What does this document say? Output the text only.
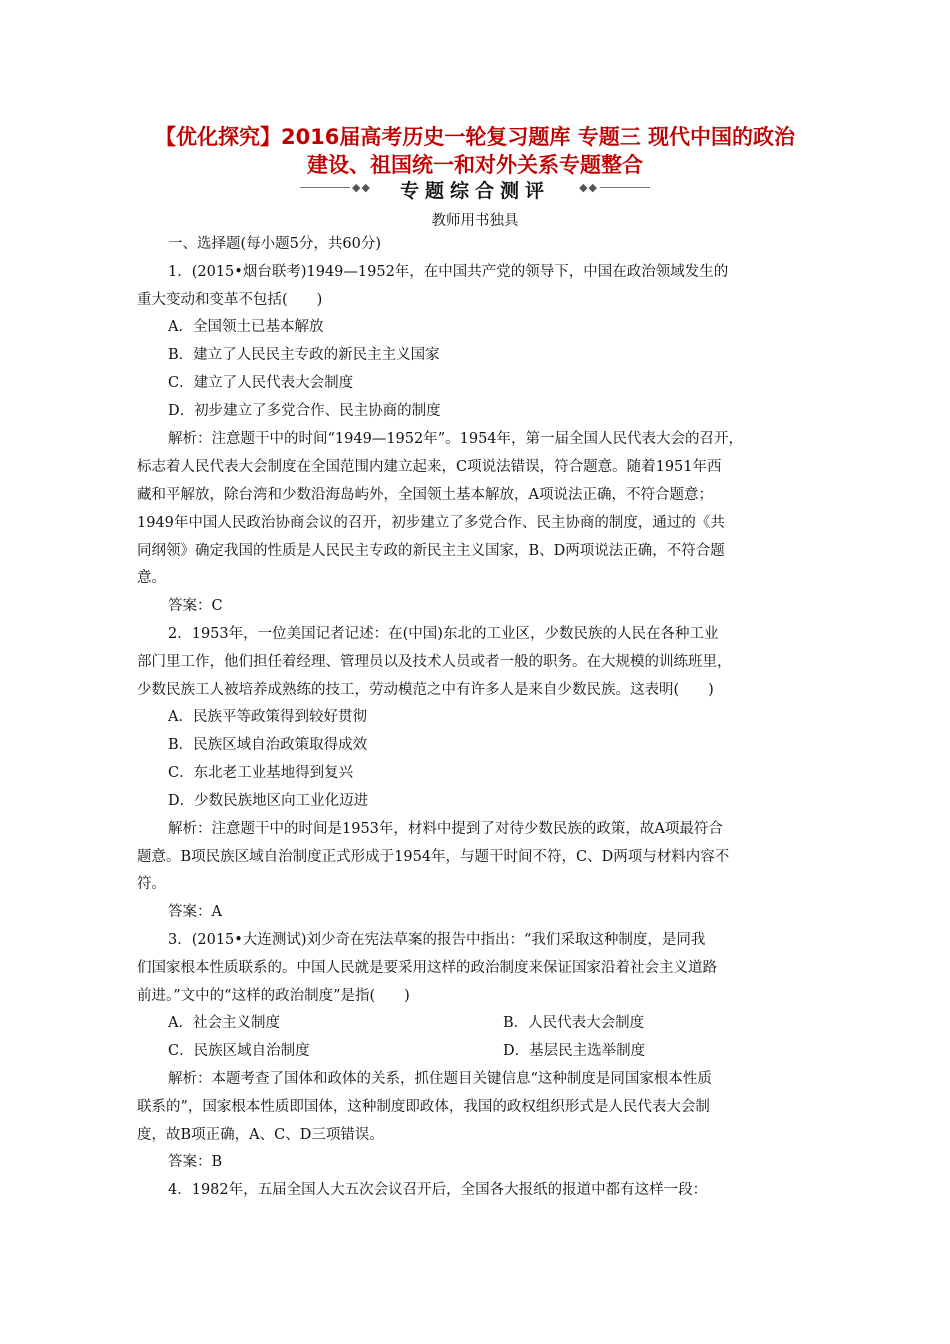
【优化探究】2016届高考历史一轮复习题库 专题三 现代中国的政治
建设、祖国统一和对外关系专题整合
◆◆	专题综合测评	◆◆
教师用书独具
一、选择题(每小题5分，共60分)
1．(2015•烟台联考)1949—1952年，在中国共产党的领导下，中国在政治领域发生的
重大变动和变革不包括(　　)
A．全国领土已基本解放
B．建立了人民民主专政的新民主主义国家
C．建立了人民代表大会制度
D．初步建立了多党合作、民主协商的制度
解析：注意题干中的时间“1949—1952年”。1954年，第一届全国人民代表大会的召开，
标志着人民代表大会制度在全国范围内建立起来，C项说法错误，符合题意。随着1951年西
藏和平解放，除台湾和少数沿海岛屿外，全国领土基本解放，A项说法正确，不符合题意；
1949年中国人民政治协商会议的召开，初步建立了多党合作、民主协商的制度，通过的《共
同纲领》确定我国的性质是人民民主专政的新民主主义国家，B、D两项说法正确，不符合题
意。
答案：C
2．1953年，一位美国记者记述：在(中国)东北的工业区，少数民族的人民在各种工业
部门里工作，他们担任着经理、管理员以及技术人员或者一般的职务。在大规模的训练班里，
少数民族工人被培养成熟练的技工，劳动模范之中有许多人是来自少数民族。这表明(　　)
A．民族平等政策得到较好贯彻
B．民族区域自治政策取得成效
C．东北老工业基地得到复兴
D．少数民族地区向工业化迈进
解析：注意题干中的时间是1953年，材料中提到了对待少数民族的政策，故A项最符合
题意。B项民族区域自治制度正式形成于1954年，与题干时间不符，C、D两项与材料内容不
符。
答案：A
3．(2015•大连测试)刘少奇在宪法草案的报告中指出：“我们采取这种制度，是同我
们国家根本性质联系的。中国人民就是要采用这样的政治制度来保证国家沿着社会主义道路
前进。”文中的“这样的政治制度”是指(　　)
A．社会主义制度	B．人民代表大会制度
C．民族区域自治制度	D．基层民主选举制度
解析：本题考查了国体和政体的关系，抓住题目关键信息“这种制度是同国家根本性质
联系的”，国家根本性质即国体，这种制度即政体，我国的政权组织形式是人民代表大会制
度，故B项正确，A、C、D三项错误。
答案：B
4．1982年，五届全国人大五次会议召开后，全国各大报纸的报道中都有这样一段：
